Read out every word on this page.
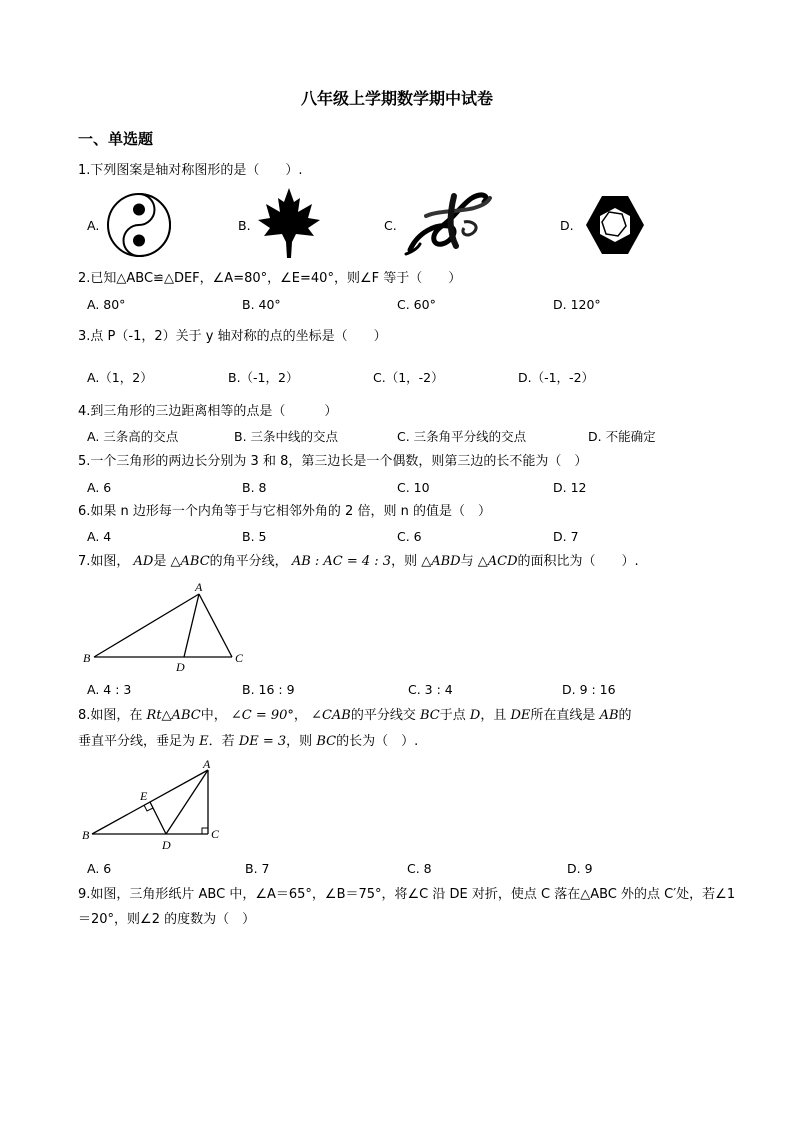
八年级上学期数学期中试卷
一、单选题
1.下列图案是轴对称图形的是（　　）.
A.	B.	C.	D.
2.已知△ABC≌△DEF，∠A=80°，∠E=40°，则∠F 等于（　　）
A. 80°	B. 40°	C. 60°	D. 120°
3.点 P（-1，2）关于 y 轴对称的点的坐标是（　　）
A.（1，2）	B.（-1，2）	C.（1，-2）	D.（-1，-2）
4.到三角形的三边距离相等的点是（　　　）
A. 三条高的交点	B. 三条中线的交点	C. 三条角平分线的交点	D. 不能确定
5.一个三角形的两边长分别为 3 和 8，第三边长是一个偶数，则第三边的长不能为（　）
A. 6	B. 8	C. 10	D. 12
6.如果 n 边形每一个内角等于与它相邻外角的 2 倍，则 n 的值是（　）
A. 4	B. 5	C. 6	D. 7
7.如图， AD是 △ABC的角平分线， AB : AC = 4 : 3，则 △ABD与 △ACD的面积比为（　　）.
A
B	C
D
A. 4 : 3	B. 16 : 9	C. 3 : 4	D. 9 : 16
8.如图，在 Rt△ABC中， ∠C = 90°， ∠CAB的平分线交 BC于点 D，且 DE所在直线是 AB的
垂直平分线，垂足为 E．若 DE = 3，则 BC的长为（　）.
A
B	C
D
E
A. 6	B. 7	C. 8	D. 9
9.如图，三角形纸片 ABC 中，∠A＝65°，∠B＝75°，将∠C 沿 DE 对折，使点 C 落在△ABC 外的点 C′处，若∠1
＝20°，则∠2 的度数为（　）
